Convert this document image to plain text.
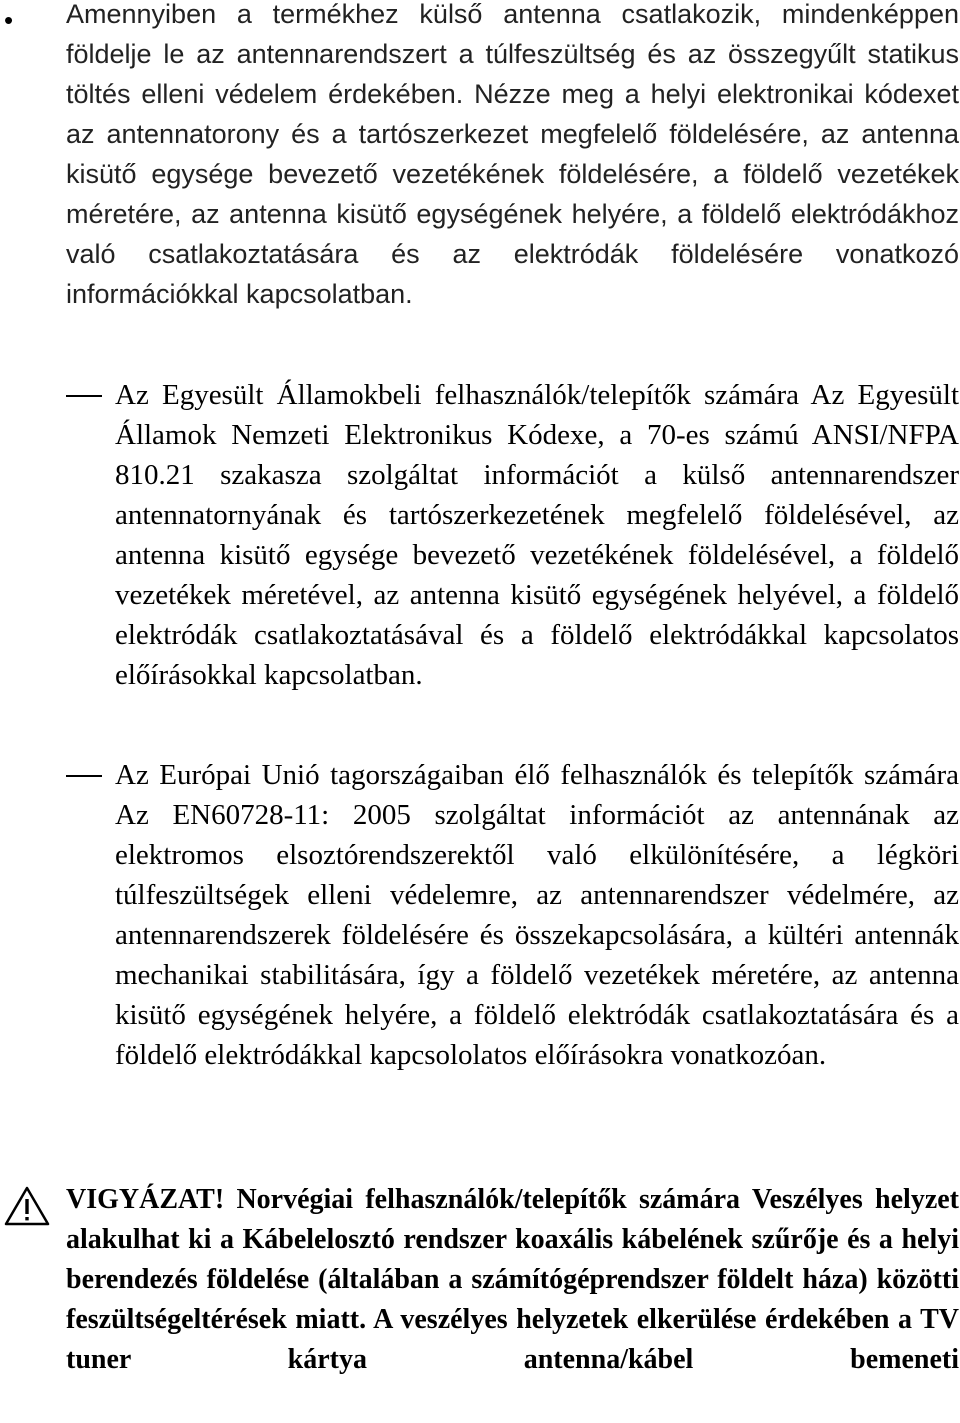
• Amennyiben a termékhez külső antenna csatlakozik, mindenképpen földelje le az antennarendszert a túlfeszültség és az összegyűlt statikus töltés elleni védelem érdekében. Nézze meg a helyi elektronikai kódexet az antennatorony és a tartószerkezet megfelelő földelésére, az antenna kisütő egysége bevezető vezetékének földelésére, a földelő vezetékek méretére, az antenna kisütő egységének helyére, a földelő elektródákhoz való csatlakoztatására és az elektródák földelésére vonatkozó információkkal kapcsolatban.

Az Egyesült Államokbeli felhasználók/telepítők számára Az Egyesült Államok Nemzeti Elektronikus Kódexe, a 70-es számú ANSI/NFPA 810.21 szakasza szolgáltat információt a külső antennarendszer antennatornyának és tartószerkezetének megfelelő földelésével, az antenna kisütő egysége bevezető vezetékének földelésével, a földelő vezetékek méretével, az antenna kisütő egységének helyével, a földelő elektródák csatlakoztatásával és a földelő elektródákkal kapcsolatos előírásokkal kapcsolatban.

Az Európai Unió tagországaiban élő felhasználók és telepítők számára Az EN60728-11: 2005 szolgáltat információt az antennának az elektromos elsoztórendszerektől való elkülönítésére, a légköri túlfeszültségek elleni védelemre, az antennarendszer védelmére, az antennarendszerek földelésére és összekapcsolására, a kültéri antennák mechanikai stabilitására, így a földelő vezetékek méretére, az antenna kisütő egységének helyére, a földelő elektródák csatlakoztatására és a földelő elektródákkal kapcsololatos előírásokra vonatkozóan.

VIGYÁZAT! Norvégiai felhasználók/telepítők számára Veszélyes helyzet alakulhat ki a Kábelelosztó rendszer koaxális kábelének szűrője és a helyi berendezés földelése (általában a számítógéprendszer földelt háza) közötti feszültségeltérések miatt. A veszélyes helyzetek elkerülése érdekében a TV tuner kártya antenna/kábel bemeneti
